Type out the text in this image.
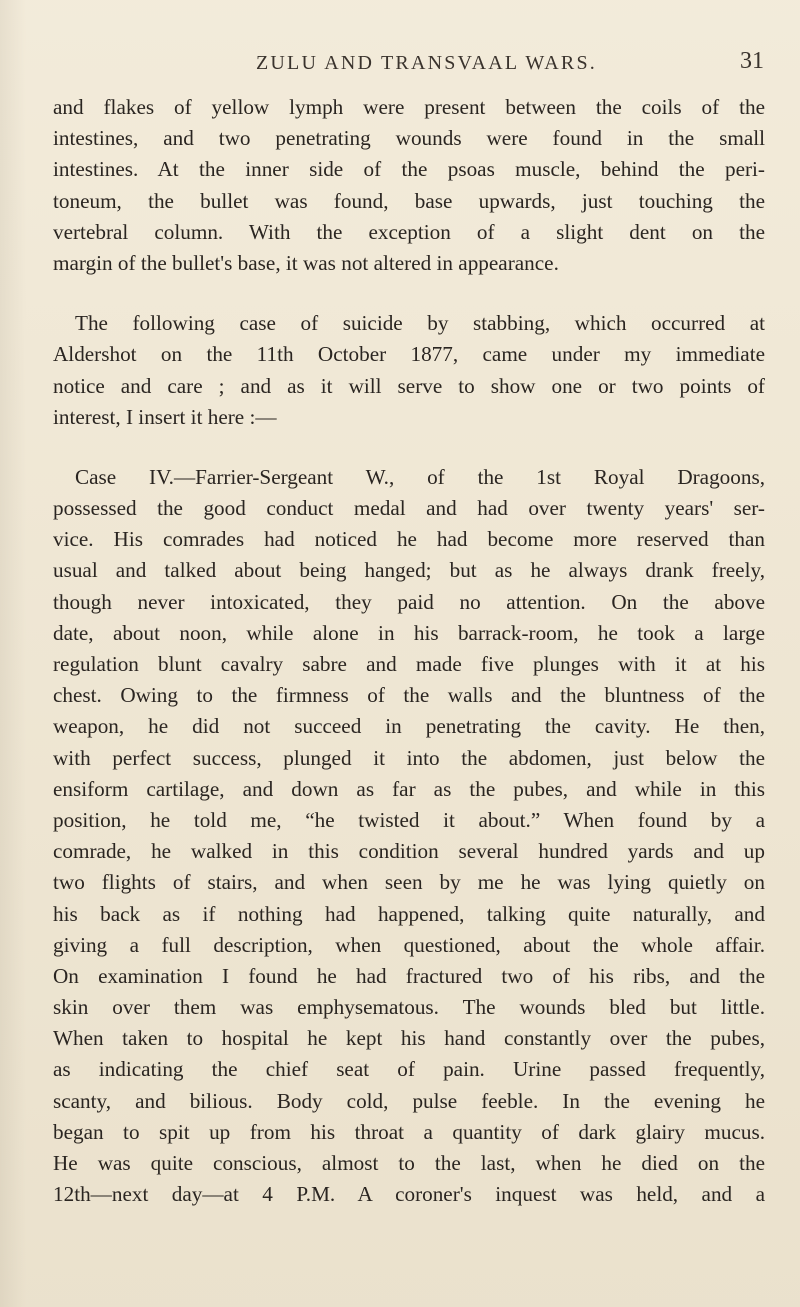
ZULU AND TRANSVAAL WARS.	31
and flakes of yellow lymph were present between the coils of the
intestines, and two penetrating wounds were found in the small
intestines. At the inner side of the psoas muscle, behind the peri-
toneum, the bullet was found, base upwards, just touching the
vertebral column. With the exception of a slight dent on the
margin of the bullet's base, it was not altered in appearance.
The following case of suicide by stabbing, which occurred at
Aldershot on the 11th October 1877, came under my immediate
notice and care ; and as it will serve to show one or two points of
interest, I insert it here :—
Case IV.—Farrier-Sergeant W., of the 1st Royal Dragoons,
possessed the good conduct medal and had over twenty years' ser-
vice. His comrades had noticed he had become more reserved than
usual and talked about being hanged; but as he always drank freely,
though never intoxicated, they paid no attention. On the above
date, about noon, while alone in his barrack-room, he took a large
regulation blunt cavalry sabre and made five plunges with it at his
chest. Owing to the firmness of the walls and the bluntness of the
weapon, he did not succeed in penetrating the cavity. He then,
with perfect success, plunged it into the abdomen, just below the
ensiform cartilage, and down as far as the pubes, and while in this
position, he told me, “he twisted it about.” When found by a
comrade, he walked in this condition several hundred yards and up
two flights of stairs, and when seen by me he was lying quietly on
his back as if nothing had happened, talking quite naturally, and
giving a full description, when questioned, about the whole affair.
On examination I found he had fractured two of his ribs, and the
skin over them was emphysematous. The wounds bled but little.
When taken to hospital he kept his hand constantly over the pubes,
as indicating the chief seat of pain. Urine passed frequently,
scanty, and bilious. Body cold, pulse feeble. In the evening he
began to spit up from his throat a quantity of dark glairy mucus.
He was quite conscious, almost to the last, when he died on the
12th—next day—at 4 P.M. A coroner's inquest was held, and a
